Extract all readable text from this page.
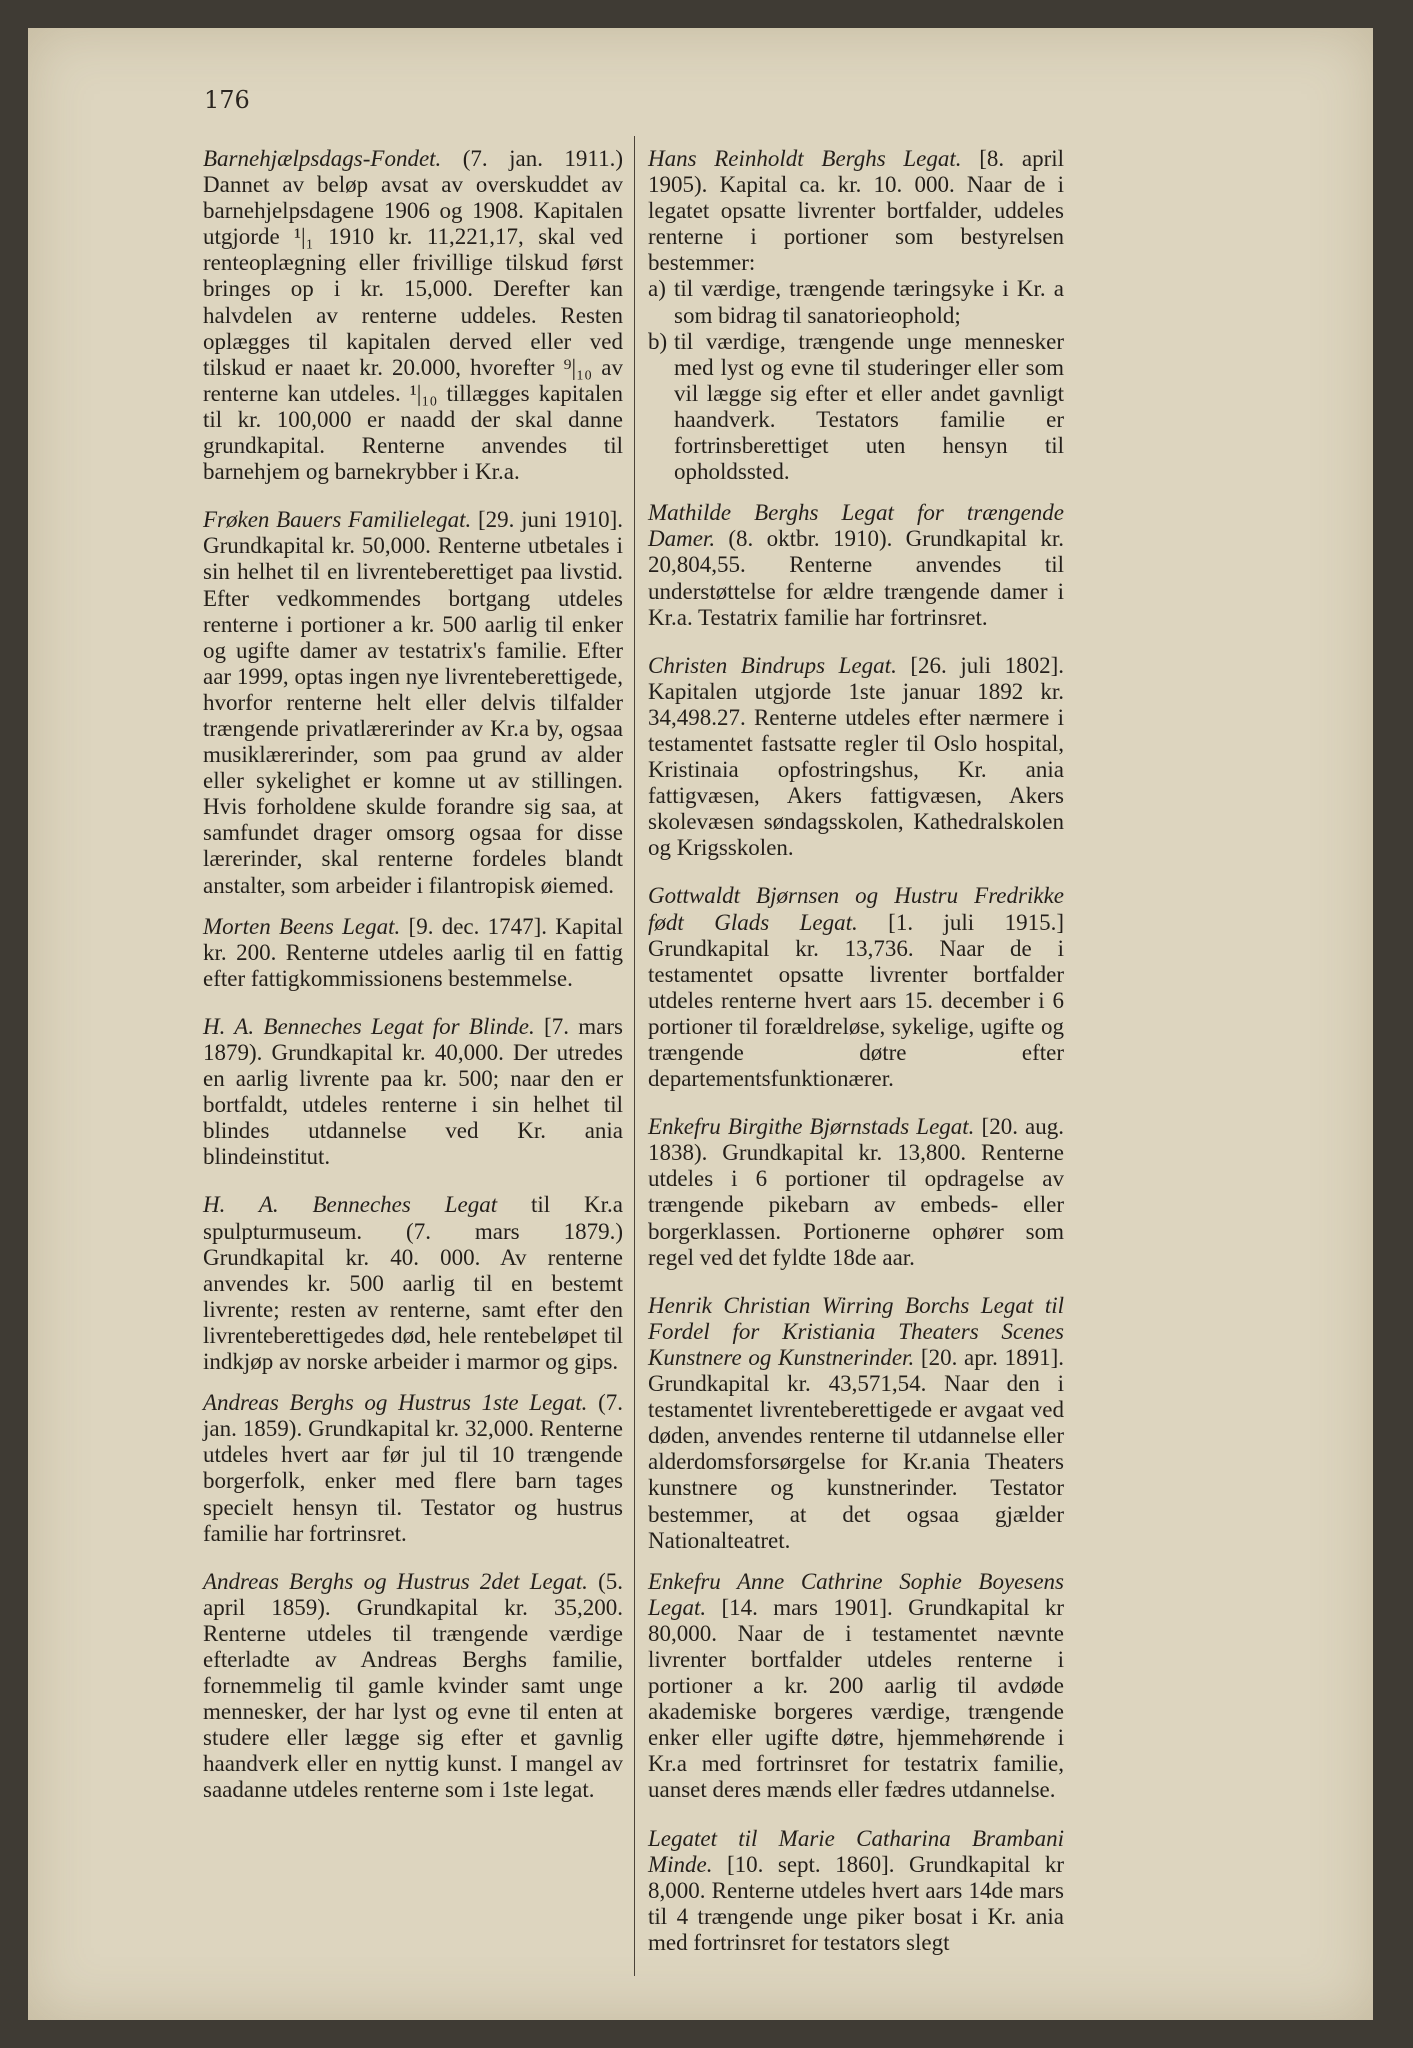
176

Barnehjælpsdags-Fondet. (7. jan. 1911.) Dannet av beløp avsat av overskuddet av barnehjelpsdagene 1906 og 1908. Kapitalen utgjorde ¹|₁ 1910 kr. 11,221,17, skal ved renteoplægning eller frivillige tilskud først bringes op i kr. 15,000. Derefter kan halvdelen av renterne uddeles. Resten oplægges til kapitalen derved eller ved tilskud er naaet kr. 20.000, hvorefter ⁹|₁₀ av renterne kan utdeles. ¹|₁₀ tillægges kapitalen til kr. 100,000 er naadd der skal danne grundkapital. Renterne anvendes til barnehjem og barnekrybber i Kr.a.

Frøken Bauers Familielegat. [29. juni 1910]. Grundkapital kr. 50,000. Renterne utbetales i sin helhet til en livrenteberettiget paa livstid. Efter vedkommendes bortgang utdeles renterne i portioner a kr. 500 aarlig til enker og ugifte damer av testatrix's familie. Efter aar 1999, optas ingen nye livrenteberettigede, hvorfor renterne helt eller delvis tilfalder trængende privatlærerinder av Kr.a by, ogsaa musiklærerinder, som paa grund av alder eller sykelighet er komne ut av stillingen. Hvis forholdene skulde forandre sig saa, at samfundet drager omsorg ogsaa for disse lærerinder, skal renterne fordeles blandt anstalter, som arbeider i filantropisk øiemed.

Morten Beens Legat. [9. dec. 1747]. Kapital kr. 200. Renterne utdeles aarlig til en fattig efter fattigkommissionens bestemmelse.

H. A. Benneches Legat for Blinde. [7. mars 1879). Grundkapital kr. 40,000. Der utredes en aarlig livrente paa kr. 500; naar den er bortfaldt, utdeles renterne i sin helhet til blindes utdannelse ved Kr. ania blindeinstitut.

H. A. Benneches Legat til Kr.a spulpturmuseum. (7. mars 1879.) Grundkapital kr. 40. 000. Av renterne anvendes kr. 500 aarlig til en bestemt livrente; resten av renterne, samt efter den livrenteberettigedes død, hele rentebeløpet til indkjøp av norske arbeider i marmor og gips.

Andreas Berghs og Hustrus 1ste Legat. (7. jan. 1859). Grundkapital kr. 32,000. Renterne utdeles hvert aar før jul til 10 trængende borgerfolk, enker med flere barn tages specielt hensyn til. Testator og hustrus familie har fortrinsret.

Andreas Berghs og Hustrus 2det Legat. (5. april 1859). Grundkapital kr. 35,200. Renterne utdeles til trængende værdige efterladte av Andreas Berghs familie, fornemmelig til gamle kvinder samt unge mennesker, der har lyst og evne til enten at studere eller lægge sig efter et gavnlig haandverk eller en nyttig kunst. I mangel av saadanne utdeles renterne som i 1ste legat.

Hans Reinholdt Berghs Legat. [8. april 1905). Kapital ca. kr. 10. 000. Naar de i legatet opsatte livrenter bortfalder, uddeles renterne i portioner som bestyrelsen bestemmer:

a) til værdige, trængende tæringsyke i Kr. a som bidrag til sanatorieophold;
b) til værdige, trængende unge mennesker med lyst og evne til studeringer eller som vil lægge sig efter et eller andet gavnligt haandverk. Testators familie er fortrinsberettiget uten hensyn til opholdssted.

Mathilde Berghs Legat for trængende Damer. (8. oktbr. 1910). Grundkapital kr. 20,804,55. Renterne anvendes til understøttelse for ældre trængende damer i Kr.a. Testatrix familie har fortrinsret.

Christen Bindrups Legat. [26. juli 1802]. Kapitalen utgjorde 1ste januar 1892 kr. 34,498.27. Renterne utdeles efter nærmere i testamentet fastsatte regler til Oslo hospital, Kristinaia opfostringshus, Kr. ania fattigvæsen, Akers fattigvæsen, Akers skolevæsen søndagsskolen, Kathedralskolen og Krigsskolen.

Gottwaldt Bjørnsen og Hustru Fredrikke født Glads Legat. [1. juli 1915.] Grundkapital kr. 13,736. Naar de i testamentet opsatte livrenter bortfalder utdeles renterne hvert aars 15. december i 6 portioner til forældreløse, sykelige, ugifte og trængende døtre efter departementsfunktionærer.

Enkefru Birgithe Bjørnstads Legat. [20. aug. 1838). Grundkapital kr. 13,800. Renterne utdeles i 6 portioner til opdragelse av trængende pikebarn av embeds- eller borgerklassen. Portionerne ophører som regel ved det fyldte 18de aar.

Henrik Christian Wirring Borchs Legat til Fordel for Kristiania Theaters Scenes Kunstnere og Kunstnerinder. [20. apr. 1891]. Grundkapital kr. 43,571,54. Naar den i testamentet livrenteberettigede er avgaat ved døden, anvendes renterne til utdannelse eller alderdomsforsørgelse for Kr.ania Theaters kunstnere og kunstnerinder. Testator bestemmer, at det ogsaa gjælder Nationalteatret.

Enkefru Anne Cathrine Sophie Boyesens Legat. [14. mars 1901]. Grundkapital kr 80,000. Naar de i testamentet nævnte livrenter bortfalder utdeles renterne i portioner a kr. 200 aarlig til avdøde akademiske borgeres værdige, trængende enker eller ugifte døtre, hjemmehørende i Kr.a med fortrinsret for testatrix familie, uanset deres mænds eller fædres utdannelse.

Legatet til Marie Catharina Brambani Minde. [10. sept. 1860]. Grundkapital kr 8,000. Renterne utdeles hvert aars 14de mars til 4 trængende unge piker bosat i Kr. ania med fortrinsret for testators slegt
